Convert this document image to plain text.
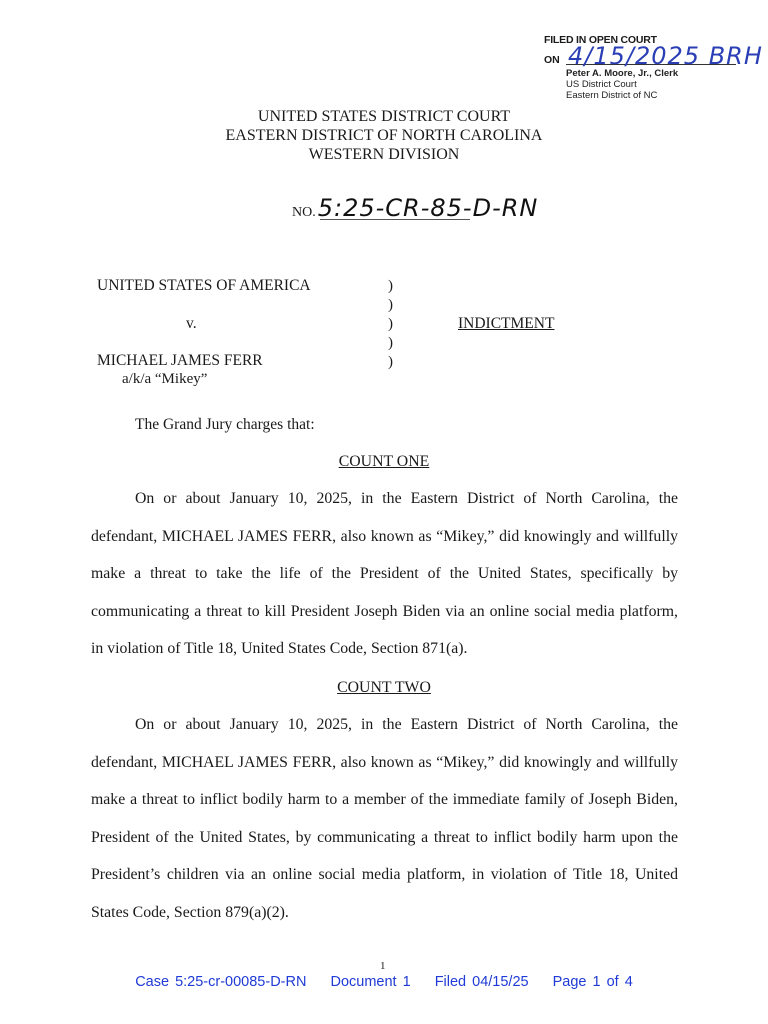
FILED IN OPEN COURT
ON 4/15/2025 BRH
Peter A. Moore, Jr., Clerk
US District Court
Eastern District of NC
UNITED STATES DISTRICT COURT
EASTERN DISTRICT OF NORTH CAROLINA
WESTERN DIVISION
NO.5:25-CR-85-D-RN
UNITED STATES OF AMERICA
v.
MICHAEL JAMES FERR
a/k/a “Mikey”
)
)
)
)
)
INDICTMENT
The Grand Jury charges that:
COUNT ONE

On or about January 10, 2025, in the Eastern District of North Carolina, the defendant, MICHAEL JAMES FERR, also known as “Mikey,” did knowingly and willfully make a threat to take the life of the President of the United States, specifically by communicating a threat to kill President Joseph Biden via an online social media platform, in violation of Title 18, United States Code, Section 871(a).

COUNT TWO

On or about January 10, 2025, in the Eastern District of North Carolina, the defendant, MICHAEL JAMES FERR, also known as “Mikey,” did knowingly and willfully make a threat to inflict bodily harm to a member of the immediate family of Joseph Biden, President of the United States, by communicating a threat to inflict bodily harm upon the President’s children via an online social media platform, in violation of Title 18, United States Code, Section 879(a)(2).

1
Case 5:25-cr-00085-D-RN Document 1 Filed 04/15/25 Page 1 of 4
